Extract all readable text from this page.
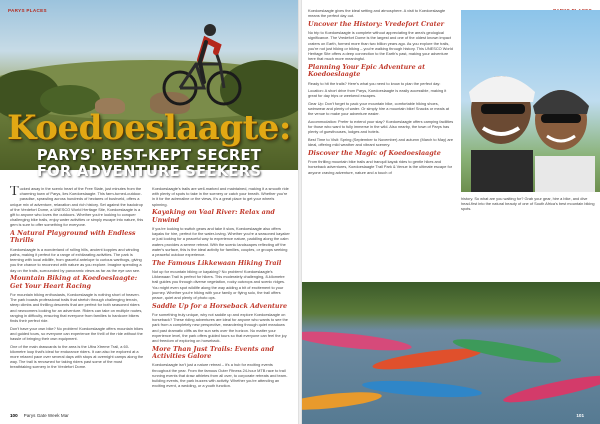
PARYS PLACES
Koedoeslaagte:
PARYS' BEST-KEPT SECRET
FOR ADVENTURE SEEKERS

Tucked away in the scenic heart of the Free State, just minutes from the charming town of Parys, lies Koedoeslaagte. This farm-turned-outdoor-paradise, sprawling across hundreds of hectares of bushveld, offers a unique mix of adventure, relaxation and rich history. Set against the backdrop of the Vredefort Dome, a UNESCO World Heritage Site, Koedoeslaagte is a gift to anyone who loves the outdoors. Whether you're looking to conquer challenging bike trails, enjoy water activities or simply escape into nature, this gem is sure to offer something for everyone.

A Natural Playground with Endless Thrills

Koedoeslaagte is a wonderland of rolling hills, ancient koppies and winding paths, making it perfect for a range of exhilarating activities. The park is teeming with local wildlife, from graceful antelope to curious warthogs, giving you the chance to reconnect with nature as you explore. Imagine spending a day on the trails, surrounded by panoramic views as far as the eye can see.

Mountain Biking at Koedoeslaagte: Get Your Heart Racing

For mountain biking enthusiasts, Koedoeslaagte is nothing short of heaven. The park boasts professional trails that stretch through challenging terrain, steep climbs and thrilling descents that are perfect for both seasoned riders and newcomers looking for an adventure. Riders can take on multiple routes, ranging in difficulty, ensuring that everyone from families to hardcore bikers finds their perfect ride.

Don't have your own bike? No problem! Koedoeslaagte offers mountain bikes and guided tours, so everyone can experience the thrill of the ride without the hassle of bringing their own equipment.

One of the main drawcards to the area is the Ultra Xtreme Trail, a 60-kilometre loop that's ideal for endurance riders. It can also be explored at a more relaxed pace over several days with stops at overnight camps along the way. The trail is renowned for taking riders past some of the most breathtaking scenery in the Vredefort Dome.

Koedoeslaagte's trails are well-marked and maintained, making it a smooth ride with plenty of spots to take in the scenery or catch your breath. Whether you're in it for the adrenaline or the views, it's a great place to get your wheels spinning.

Kayaking on Vaal River: Relax and Unwind

If you're looking to switch gears and take it slow, Koedoeslaagte also offers kayaks for hire, perfect for the water-loving. Whether you're a seasoned kayaker or just looking for a peaceful way to experience nature, paddling along the calm waters provides a serene retreat. With the scenic landscapes reflecting off the water's surface, this is the ideal activity for families, couples, or groups seeking a peaceful outdoor experience.

The Famous Likkewaan Hiking Trail

Not up for mountain biking or kayaking? No problem! Koedoeslaagte's Likkewaan Trail is perfect for hikers. This moderately challenging, 8-kilometre trail guides you through diverse vegetation, rocky outcrops and scenic ridges. You might even spot wildlife along the way adding a bit of excitement to your journey. Whether you're hiking with your family or flying solo, the trail offers peace, quiet and plenty of photo ops.

Saddle Up for a Horseback Adventure

For something truly unique, why not saddle up and explore Koedoeslaagte on horseback? These riding adventures are ideal for anyone who wants to see the park from a completely new perspective, meandering through quiet meadows and past dramatic cliffs as the sun sets over the horizon. No matter your experience level, the park offers guided tours so that everyone can feel the joy and freedom of exploring on horseback.

More Than Just Trails: Events and Activities Galore

Koedoeslaagte isn't just a nature retreat – it's a hub for exciting events throughout the year. From the famous Outer Fitness 24-hour MTB race to trail running events that draw athletes from all over, to corporate retreats and team-building events, the park buzzes with activity. Whether you're attending an exciting event, a wedding, or a youth function.

100 Parys Gate Week Mar

Koedoeslaagte gives the ideal setting and atmosphere. A visit to Koedoeslaagte means the perfect day out.

Uncover the History: Vredefort Crater

No trip to Koedoeslaagte is complete without appreciating the area's geological significance. The Vredefort Dome is the largest and one of the oldest known impact craters on Earth, formed more than two billion years ago. As you explore the trails, you're not just hiking or biking – you're walking through history. This UNESCO World Heritage Site offers a deep connection to the Earth's past, making your adventure here that much more meaningful.

Planning Your Epic Adventure at Koedoeslaagte

Ready to hit the trails? Here's what you need to know to plan the perfect day:

Location: A short drive from Parys, Koedoeslaagte is easily accessible, making it great for day trips or weekend escapes.

Gear Up: Don't forget to pack your mountain bike, comfortable hiking shoes, swimwear and plenty of water. Or simply hire a mountain bike! Snacks or meals at the venue to make your adventure easier.

Accommodation: Prefer to extend your stay? Koedoeslaagte offers camping facilities for those who want to fully immerse in the wild. Also nearby, the town of Parys has plenty of guesthouses, lodges and hotels.

Best Time to Visit: Spring (September to November) and autumn (March to May) are ideal, offering mild weather and vibrant scenery.

Discover the Magic of Koedoeslaagte

From thrilling mountain bike trails and tranquil kayak rides to gentle hikes and horseback adventures, Koedoeslaagte Trail Park & Venue is the ultimate escape for anyone craving adventure, nature and a touch of

history. So what are you waiting for? Grab your gear, hire a bike, and dive head-first into the natural beauty of one of South Africa's best mountain biking spots.

101
